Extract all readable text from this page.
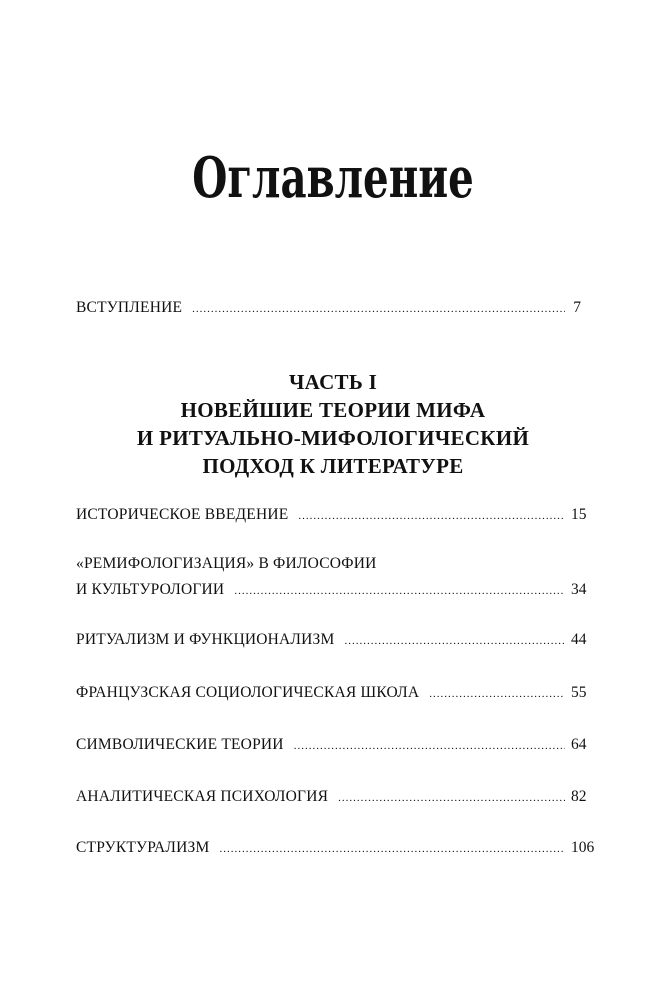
Оглавление
ВСТУПЛЕНИЕ .....	7
ЧАСТЬ I
НОВЕЙШИЕ ТЕОРИИ МИФА
И РИТУАЛЬНО-МИФОЛОГИЧЕСКИЙ
ПОДХОД К ЛИТЕРАТУРЕ
ИСТОРИЧЕСКОЕ ВВЕДЕНИЕ .....	15
«РЕМИФОЛОГИЗАЦИЯ» В ФИЛОСОФИИ
И КУЛЬТУРОЛОГИИ .....	34
РИТУАЛИЗМ И ФУНКЦИОНАЛИЗМ .....	44
ФРАНЦУЗСКАЯ СОЦИОЛОГИЧЕСКАЯ ШКОЛА .....	55
СИМВОЛИЧЕСКИЕ ТЕОРИИ .....	64
АНАЛИТИЧЕСКАЯ ПСИХОЛОГИЯ .....	82
СТРУКТУРАЛИЗМ .....	106
